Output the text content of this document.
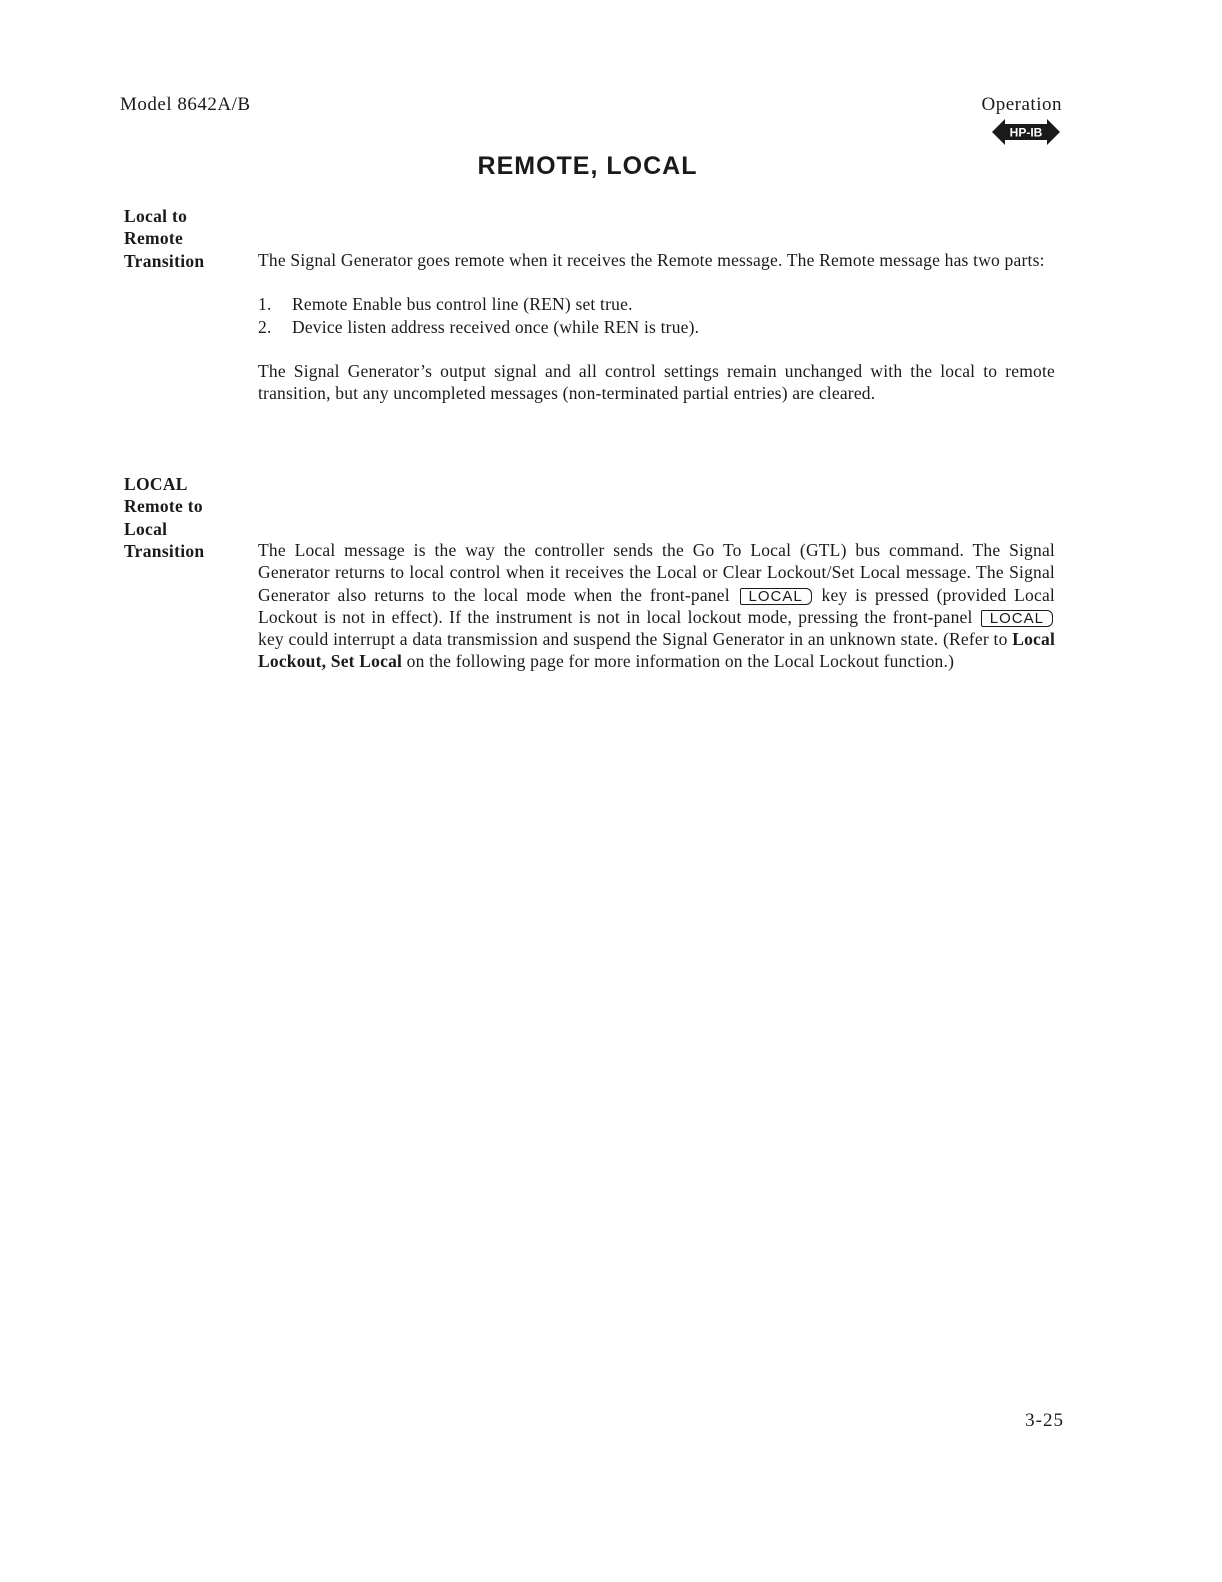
Model 8642A/B	Operation
HP-IB
REMOTE, LOCAL
Local to
Remote
Transition	The Signal Generator goes remote when it receives the Remote message. The Remote message has two parts:

1. Remote Enable bus control line (REN) set true.
2. Device listen address received once (while REN is true).

The Signal Generator’s output signal and all control settings remain unchanged with the local to remote transition, but any uncompleted messages (non-terminated partial entries) are cleared.

LOCAL
Remote to
Local
Transition	The Local message is the way the controller sends the Go To Local (GTL) bus command. The Signal Generator returns to local control when it receives the Local or Clear Lockout/Set Local message. The Signal Generator also returns to the local mode when the front-panel LOCAL key is pressed (provided Local Lockout is not in effect). If the instrument is not in local lockout mode, pressing the front-panel LOCAL key could interrupt a data transmission and suspend the Signal Generator in an unknown state. (Refer to Local Lockout, Set Local on the following page for more information on the Local Lockout function.)

3-25
